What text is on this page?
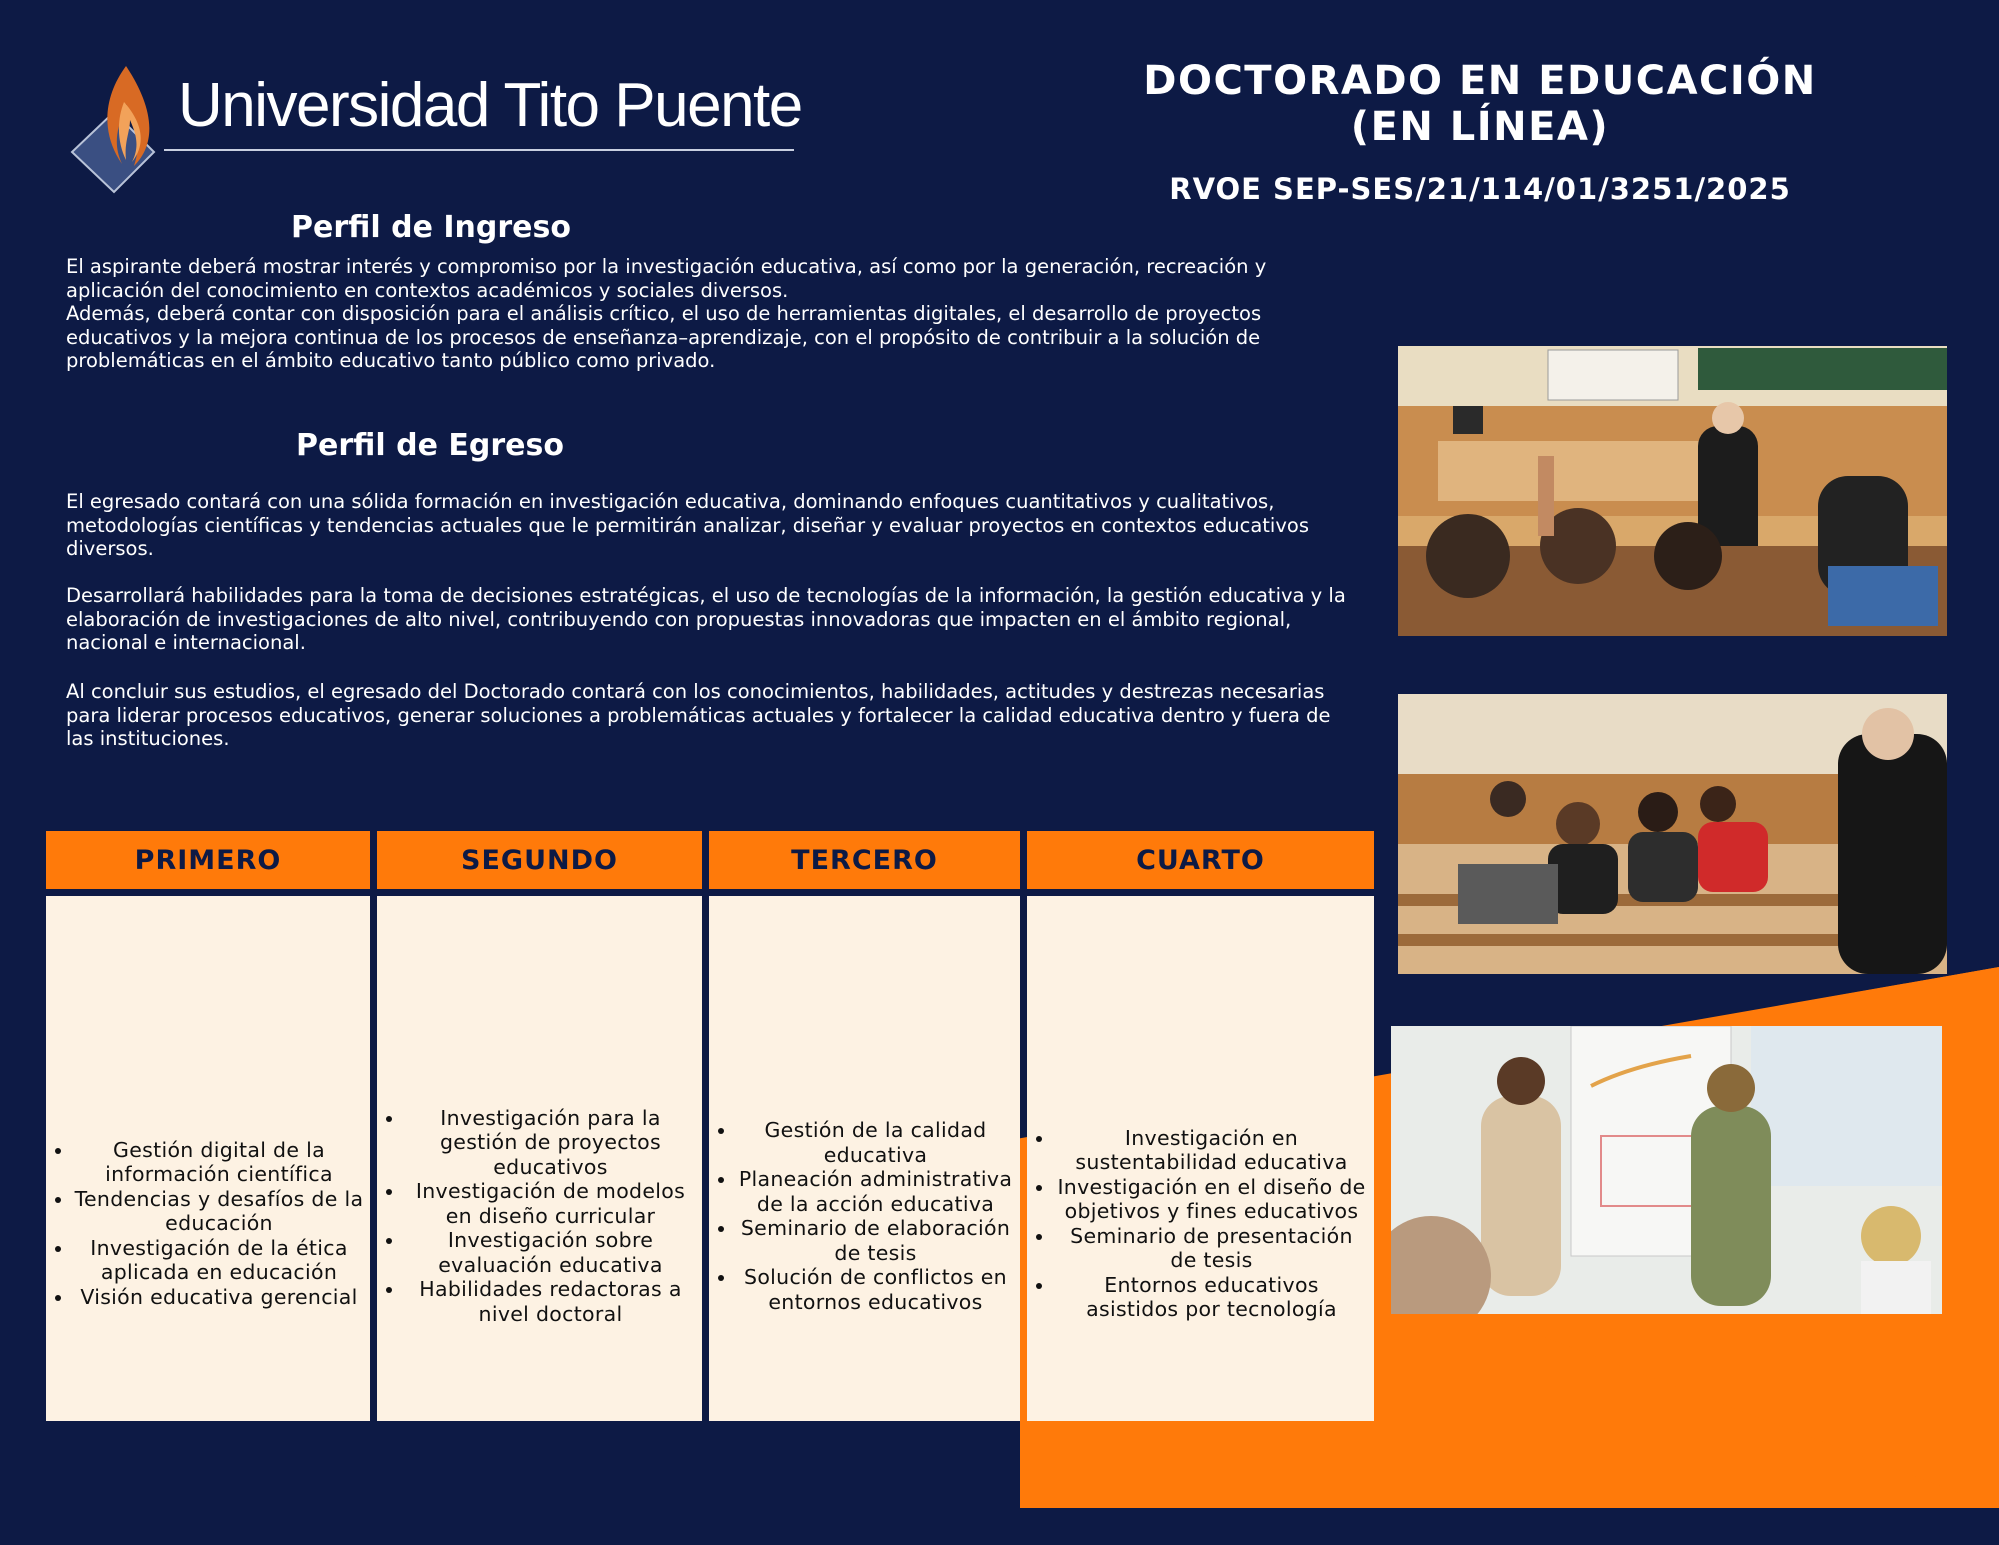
Universidad Tito Puente	DOCTORADO EN EDUCACIÓN
(EN LÍNEA)
RVOE SEP-SES/21/114/01/3251/2025
Perfil de Ingreso
El aspirante deberá mostrar interés y compromiso por la investigación educativa, así como por la generación, recreación y aplicación del conocimiento en contextos académicos y sociales diversos.
Además, deberá contar con disposición para el análisis crítico, el uso de herramientas digitales, el desarrollo de proyectos educativos y la mejora continua de los procesos de enseñanza–aprendizaje, con el propósito de contribuir a la solución de problemáticas en el ámbito educativo tanto público como privado.
Perfil de Egreso
El egresado contará con una sólida formación en investigación educativa, dominando enfoques cuantitativos y cualitativos, metodologías científicas y tendencias actuales que le permitirán analizar, diseñar y evaluar proyectos en contextos educativos diversos.
Desarrollará habilidades para la toma de decisiones estratégicas, el uso de tecnologías de la información, la gestión educativa y la elaboración de investigaciones de alto nivel, contribuyendo con propuestas innovadoras que impacten en el ámbito regional, nacional e internacional.
Al concluir sus estudios, el egresado del Doctorado contará con los conocimientos, habilidades, actitudes y destrezas necesarias para liderar procesos educativos, generar soluciones a problemáticas actuales y fortalecer la calidad educativa dentro y fuera de las instituciones.
PRIMERO
• Gestión digital de la información científica
• Tendencias y desafíos de la educación
• Investigación de la ética aplicada en educación
• Visión educativa gerencial
SEGUNDO
• Investigación para la gestión de proyectos educativos
• Investigación de modelos en diseño curricular
• Investigación sobre evaluación educativa
• Habilidades redactoras a nivel doctoral
TERCERO
• Gestión de la calidad educativa
• Planeación administrativa de la acción educativa
• Seminario de elaboración de tesis
• Solución de conflictos en entornos educativos
CUARTO
• Investigación en sustentabilidad educativa
• Investigación en el diseño de objetivos y fines educativos
• Seminario de presentación de tesis
• Entornos educativos asistidos por tecnología
